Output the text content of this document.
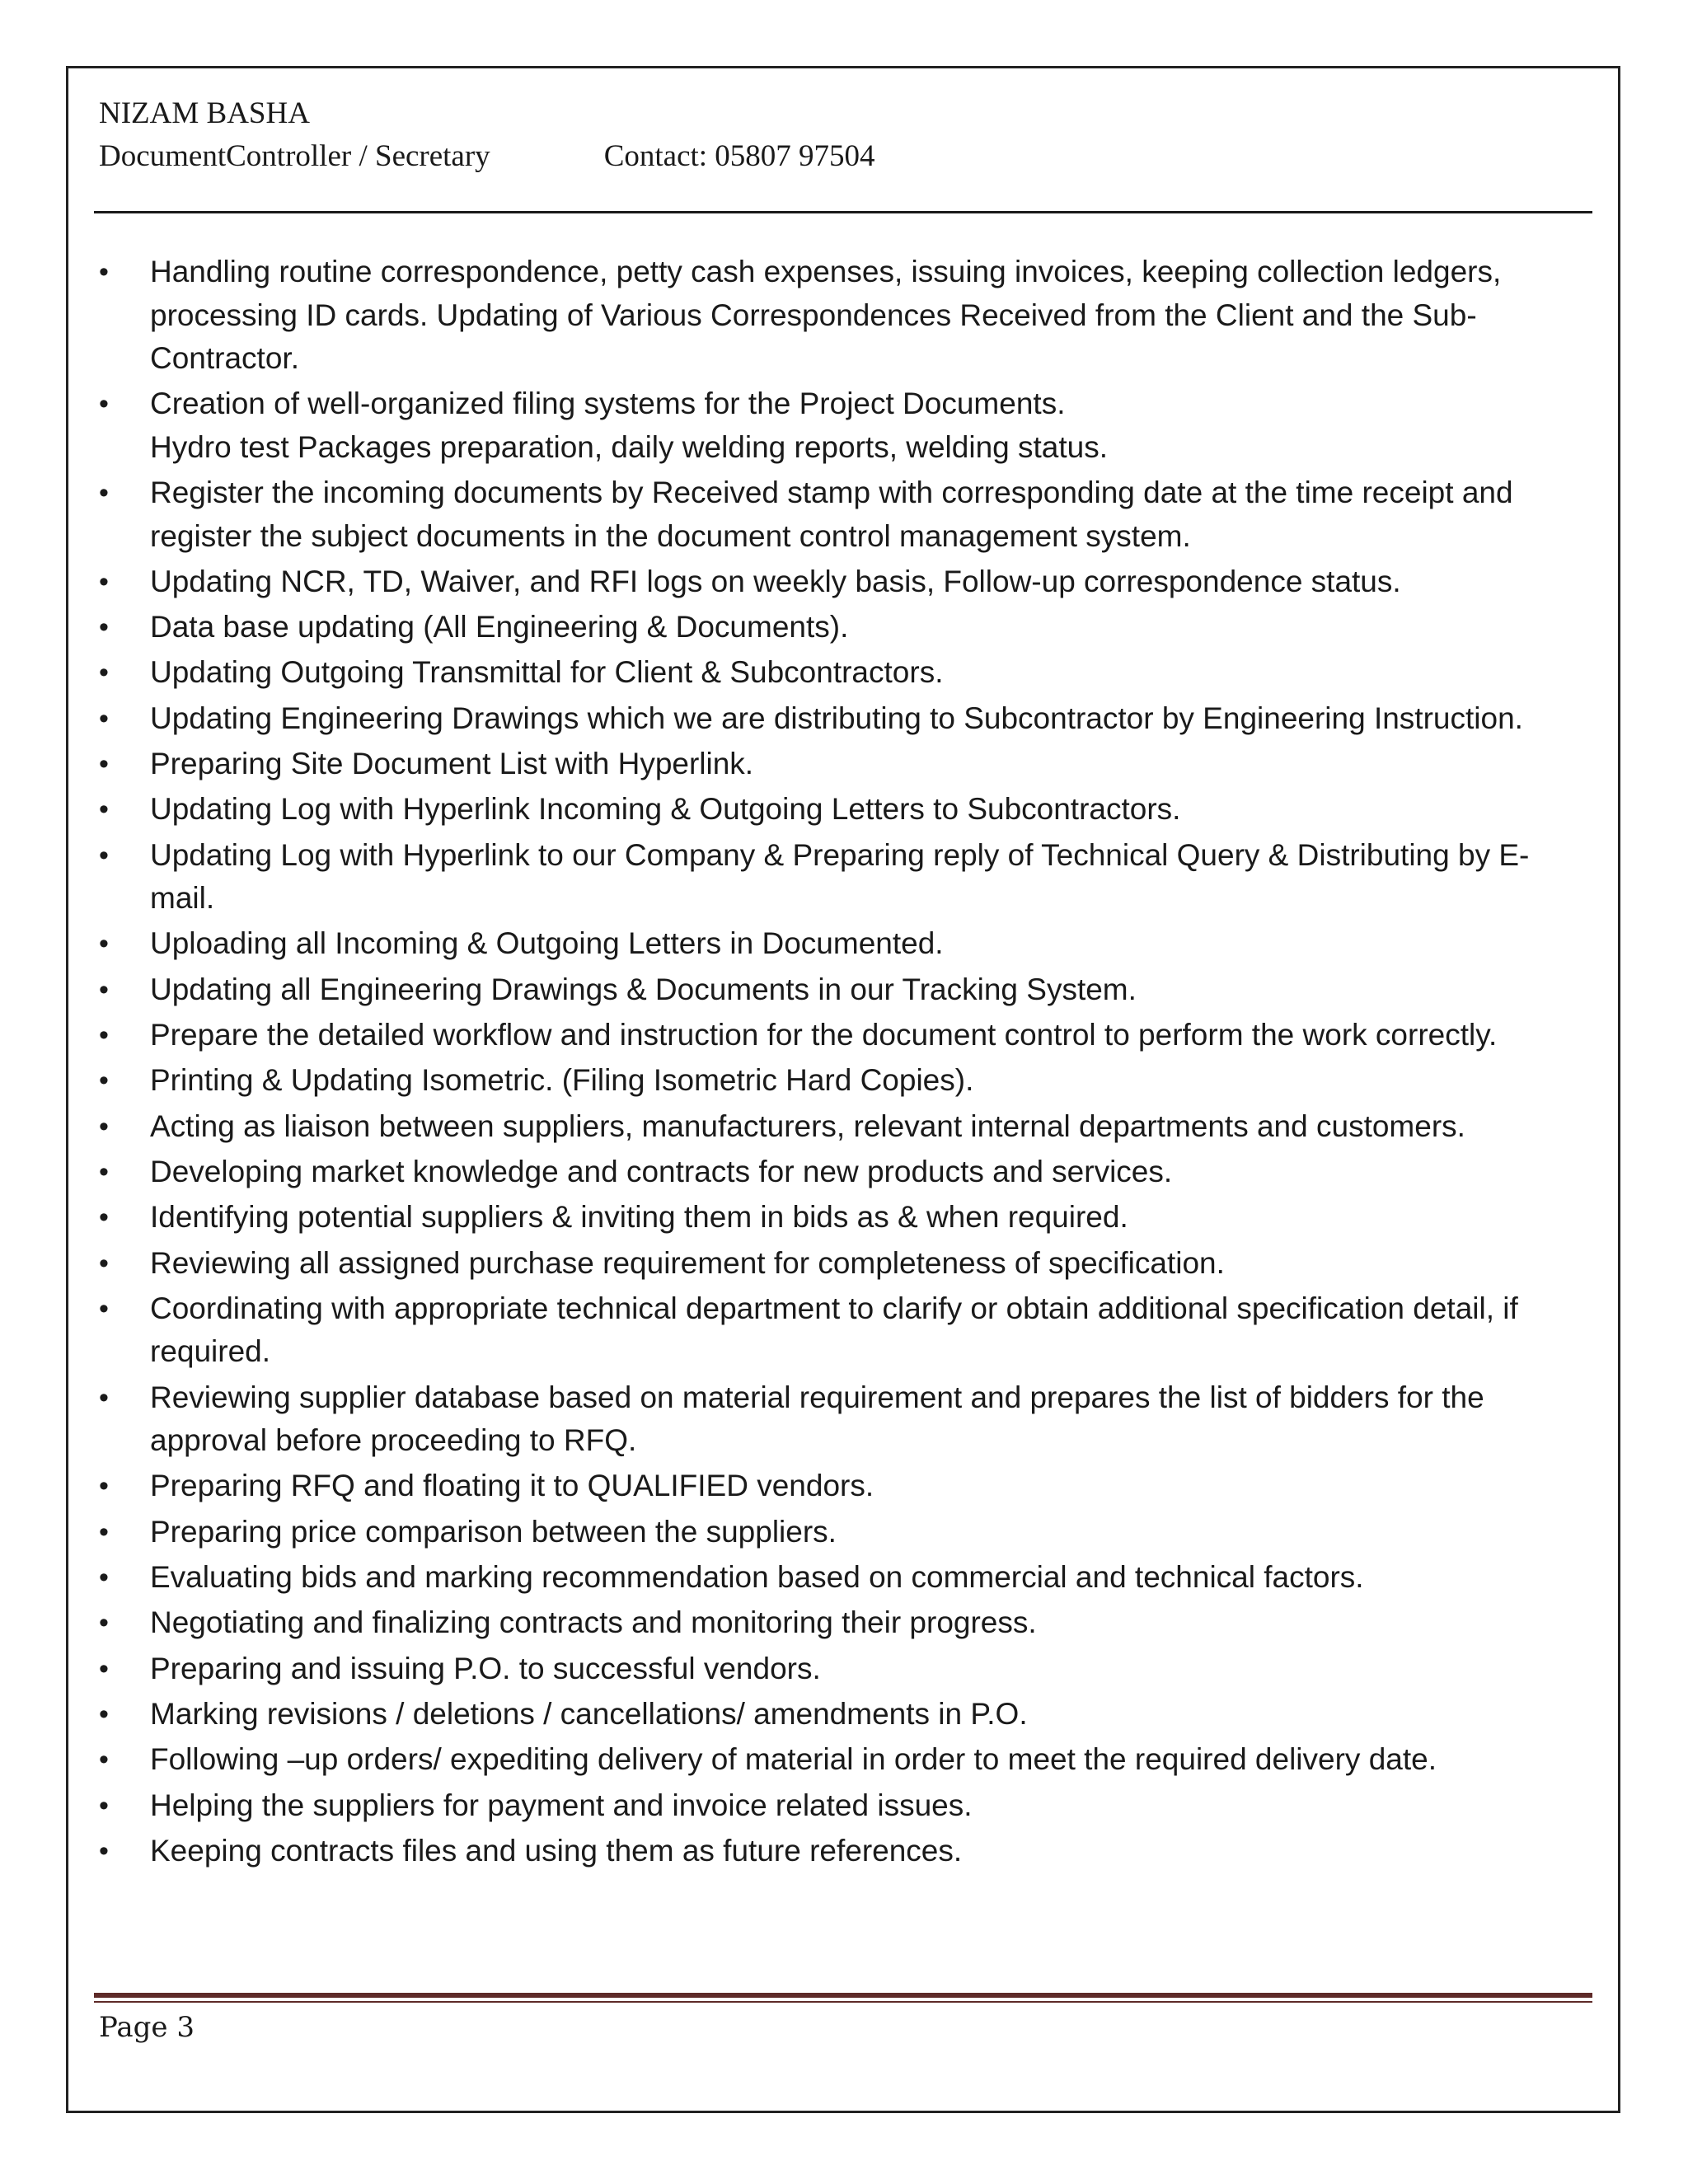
NIZAM BASHA
DocumentController / Secretary	Contact: 05807 97504
• Handling routine correspondence, petty cash expenses, issuing invoices, keeping collection ledgers, processing ID cards. Updating of Various Correspondences Received from the Client and the Sub-Contractor.
• Creation of well-organized filing systems for the Project Documents.
Hydro test Packages preparation, daily welding reports, welding status.
• Register the incoming documents by Received stamp with corresponding date at the time receipt and register the subject documents in the document control management system.
• Updating NCR, TD, Waiver, and RFI logs on weekly basis, Follow-up correspondence status.
• Data base updating (All Engineering & Documents).
• Updating Outgoing Transmittal for Client & Subcontractors.
• Updating Engineering Drawings which we are distributing to Subcontractor by Engineering Instruction.
• Preparing Site Document List with Hyperlink.
• Updating Log with Hyperlink Incoming & Outgoing Letters to Subcontractors.
• Updating Log with Hyperlink to our Company & Preparing reply of Technical Query & Distributing by E-mail.
• Uploading all Incoming & Outgoing Letters in Documented.
• Updating all Engineering Drawings & Documents in our Tracking System.
• Prepare the detailed workflow and instruction for the document control to perform the work correctly.
• Printing & Updating Isometric. (Filing Isometric Hard Copies).
• Acting as liaison between suppliers, manufacturers, relevant internal departments and customers.
• Developing market knowledge and contracts for new products and services.
• Identifying potential suppliers & inviting them in bids as & when required.
• Reviewing all assigned purchase requirement for completeness of specification.
• Coordinating with appropriate technical department to clarify or obtain additional specification detail, if required.
• Reviewing supplier database based on material requirement and prepares the list of bidders for the approval before proceeding to RFQ.
• Preparing RFQ and floating it to QUALIFIED vendors.
• Preparing price comparison between the suppliers.
• Evaluating bids and marking recommendation based on commercial and technical factors.
• Negotiating and finalizing contracts and monitoring their progress.
• Preparing and issuing P.O. to successful vendors.
• Marking revisions / deletions / cancellations/ amendments in P.O.
• Following –up orders/ expediting delivery of material in order to meet the required delivery date.
• Helping the suppliers for payment and invoice related issues.
• Keeping contracts files and using them as future references.
Page 3
